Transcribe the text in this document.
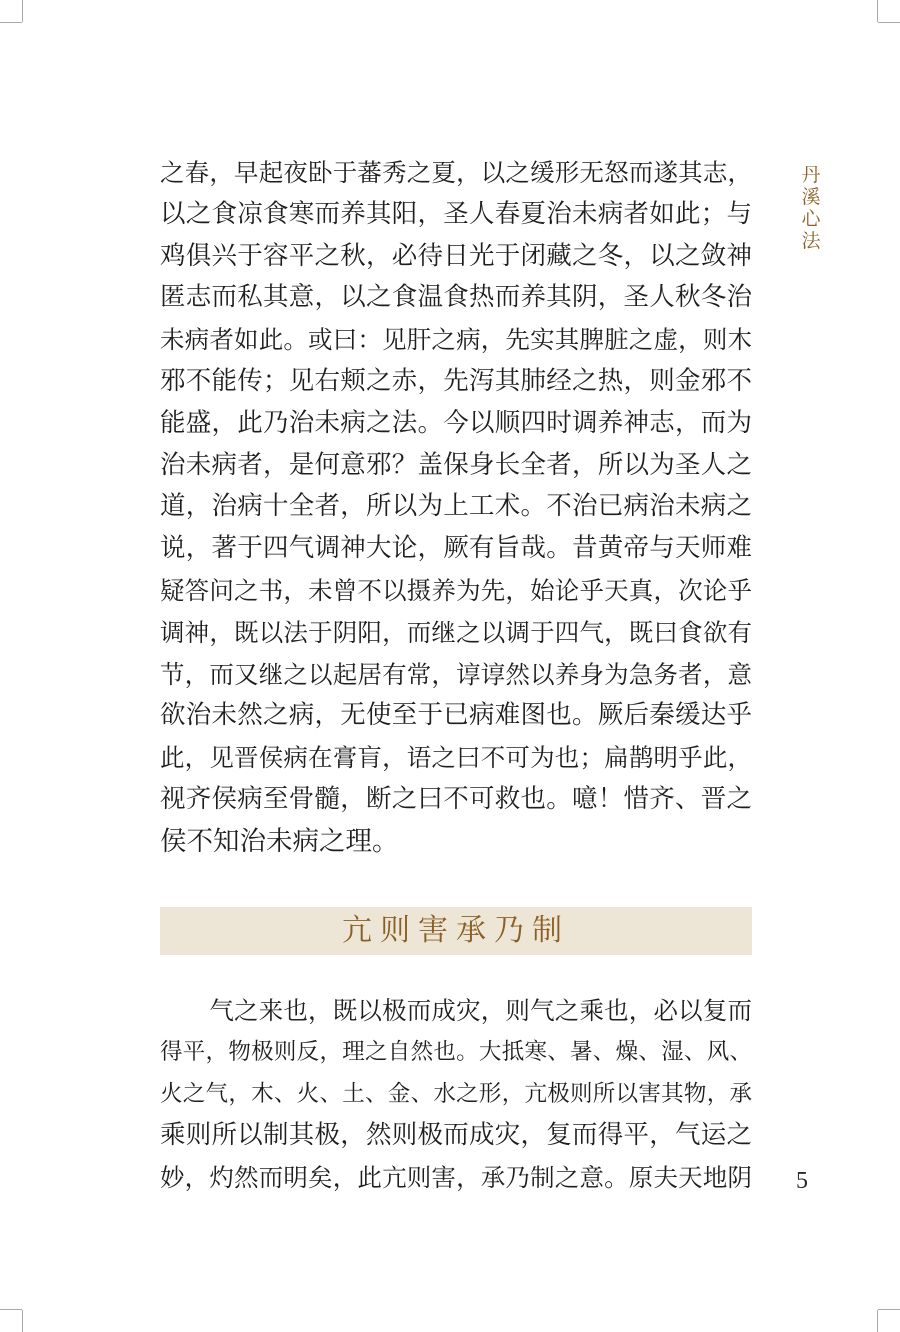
丹溪心法
之春，早起夜卧于蕃秀之夏，以之缓形无怒而遂其志，
以之食凉食寒而养其阳，圣人春夏治未病者如此；与
鸡俱兴于容平之秋，必待日光于闭藏之冬，以之敛神
匿志而私其意，以之食温食热而养其阴，圣人秋冬治
未病者如此。或曰：见肝之病，先实其脾脏之虚，则木
邪不能传；见右颊之赤，先泻其肺经之热，则金邪不
能盛，此乃治未病之法。今以顺四时调养神志，而为
治未病者，是何意邪？盖保身长全者，所以为圣人之
道，治病十全者，所以为上工术。不治已病治未病之
说，著于四气调神大论，厥有旨哉。昔黄帝与天师难
疑答问之书，未曾不以摄养为先，始论乎天真，次论乎
调神，既以法于阴阳，而继之以调于四气，既曰食欲有
节，而又继之以起居有常，谆谆然以养身为急务者，意
欲治未然之病，无使至于已病难图也。厥后秦缓达乎
此，见晋侯病在膏肓，语之曰不可为也；扁鹊明乎此，
视齐侯病至骨髓，断之曰不可救也。噫！惜齐、晋之
侯不知治未病之理。
亢则害承乃制
　　气之来也，既以极而成灾，则气之乘也，必以复而
得平，物极则反，理之自然也。大抵寒、暑、燥、湿、风、
火之气，木、火、土、金、水之形，亢极则所以害其物，承
乘则所以制其极，然则极而成灾，复而得平，气运之
妙，灼然而明矣，此亢则害，承乃制之意。原夫天地阴 5
